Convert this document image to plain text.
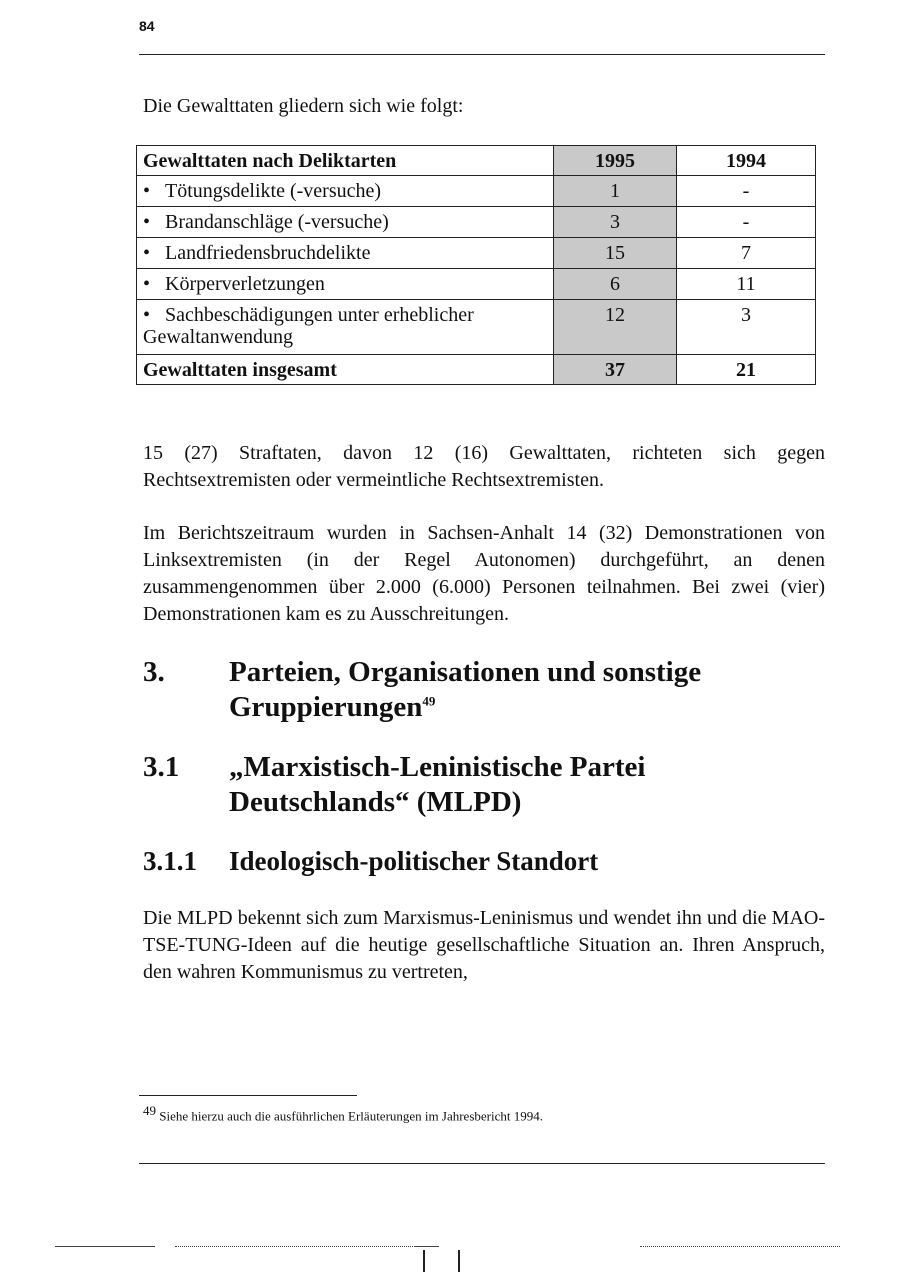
84
Die Gewalttaten gliedern sich wie folgt:
Gewalttaten nach Deliktarten	1995	1994
• Tötungsdelikte (-versuche)	1	-
• Brandanschläge (-versuche)	3	-
• Landfriedensbruchdelikte	15	7
• Körperverletzungen	6	11
• Sachbeschädigungen unter erheblicher
Gewaltanwendung	12	3
Gewalttaten insgesamt	37	21
15 (27) Straftaten, davon 12 (16) Gewalttaten, richteten sich gegen Rechtsextremisten oder vermeintliche Rechtsextremisten.
Im Berichtszeitraum wurden in Sachsen-Anhalt 14 (32) Demonstrationen von Linksextremisten (in der Regel Autonomen) durchgeführt, an denen zusammengenommen über 2.000 (6.000) Personen teilnahmen. Bei zwei (vier) Demonstrationen kam es zu Ausschreitungen.
3. Parteien, Organisationen und sonstige Gruppierungen$^{49}$
3.1 „Marxistisch-Leninistische Partei Deutschlands“ (MLPD)
3.1.1 Ideologisch-politischer Standort
Die MLPD bekennt sich zum Marxismus-Leninismus und wendet ihn und die MAO-TSE-TUNG-Ideen auf die heutige gesellschaftliche Situation an. Ihren Anspruch, den wahren Kommunismus zu vertreten,
$^{49}$ Siehe hierzu auch die ausführlichen Erläuterungen im Jahresbericht 1994.
